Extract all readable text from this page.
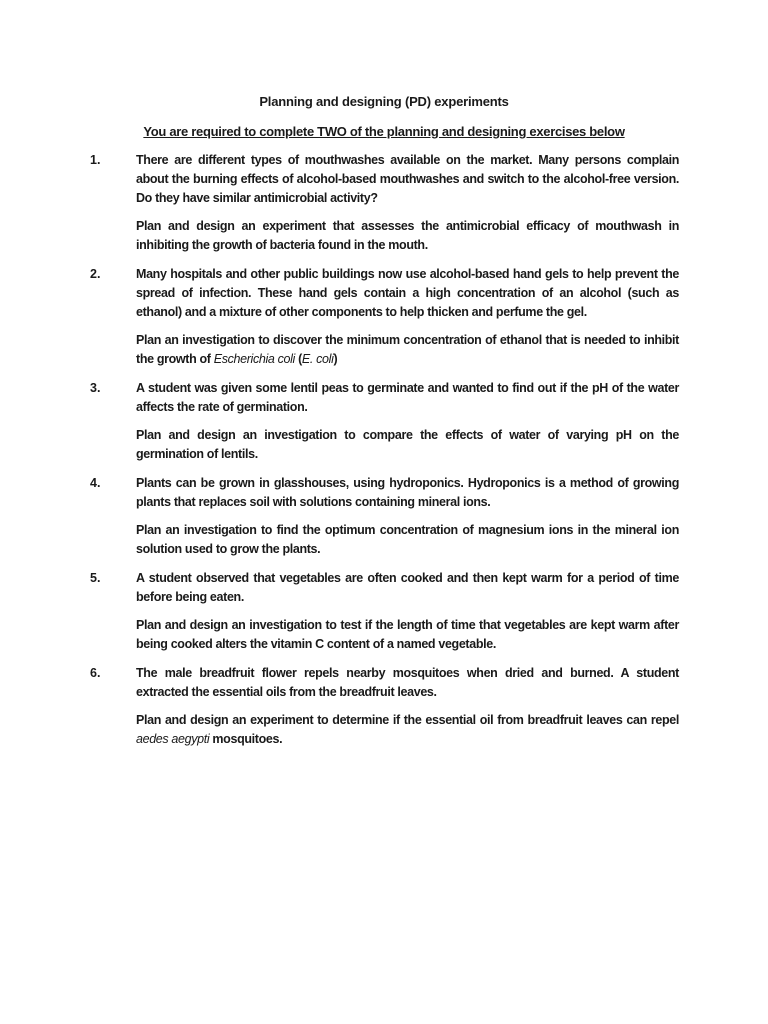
Planning and designing (PD) experiments
You are required to complete TWO of the planning and designing exercises below
1.	There are different types of mouthwashes available on the market. Many persons complain about the burning effects of alcohol-based mouthwashes and switch to the alcohol-free version. Do they have similar antimicrobial activity?

Plan and design an experiment that assesses the antimicrobial efficacy of mouthwash in inhibiting the growth of bacteria found in the mouth.

2.	Many hospitals and other public buildings now use alcohol-based hand gels to help prevent the spread of infection. These hand gels contain a high concentration of an alcohol (such as ethanol) and a mixture of other components to help thicken and perfume the gel.

Plan an investigation to discover the minimum concentration of ethanol that is needed to inhibit the growth of Escherichia coli (E. coli)

3.	A student was given some lentil peas to germinate and wanted to find out if the pH of the water affects the rate of germination.

Plan and design an investigation to compare the effects of water of varying pH on the germination of lentils.

4.	Plants can be grown in glasshouses, using hydroponics. Hydroponics is a method of growing plants that replaces soil with solutions containing mineral ions.

Plan an investigation to find the optimum concentration of magnesium ions in the mineral ion solution used to grow the plants.

5.	A student observed that vegetables are often cooked and then kept warm for a period of time before being eaten.

Plan and design an investigation to test if the length of time that vegetables are kept warm after being cooked alters the vitamin C content of a named vegetable.

6.	The male breadfruit flower repels nearby mosquitoes when dried and burned. A student extracted the essential oils from the breadfruit leaves.

Plan and design an experiment to determine if the essential oil from breadfruit leaves can repel aedes aegypti mosquitoes.
